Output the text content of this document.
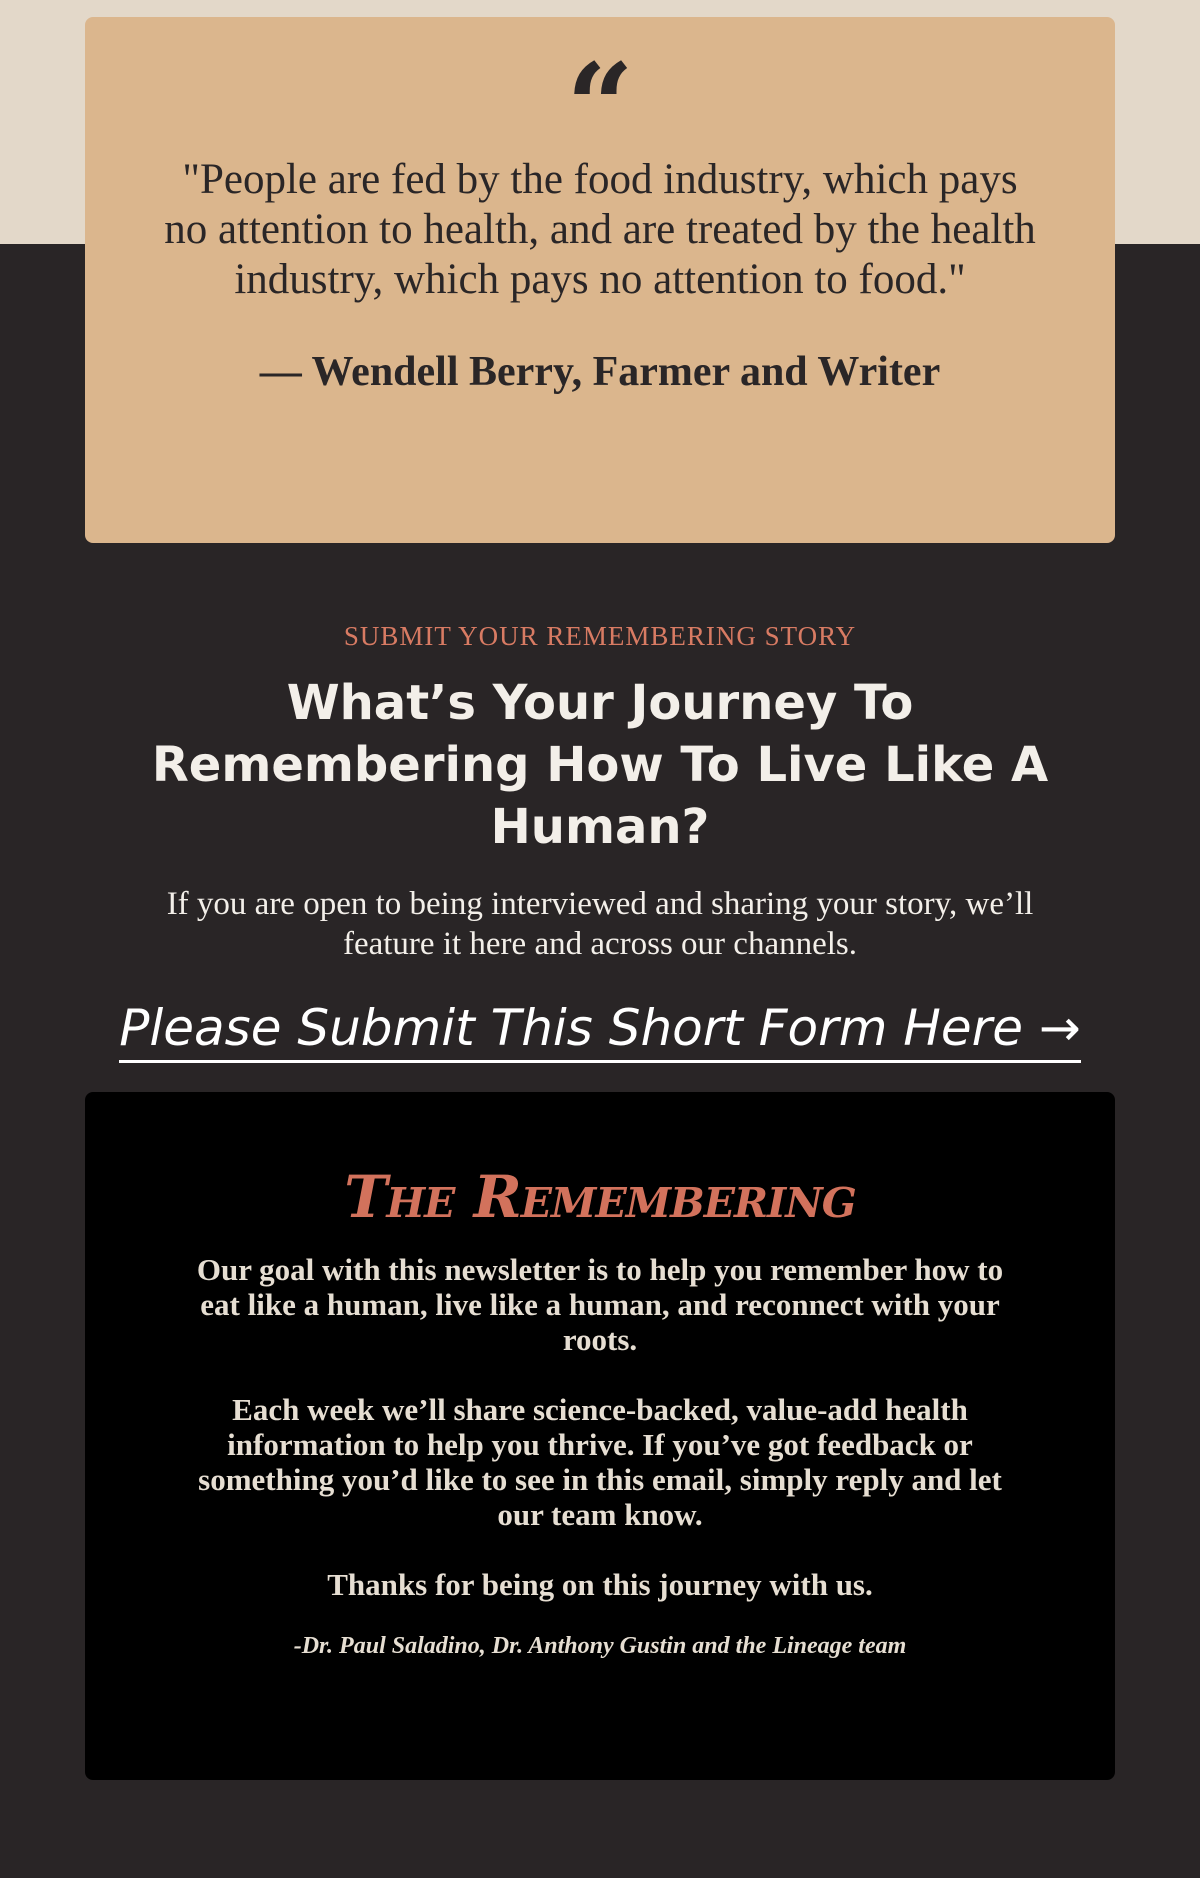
“

"People are fed by the food industry, which pays no attention to health, and are treated by the health industry, which pays no attention to food."

— Wendell Berry, Farmer and Writer

SUBMIT YOUR REMEMBERING STORY
What’s Your Journey To Remembering How To Live Like A Human?

If you are open to being interviewed and sharing your story, we’ll feature it here and across our channels.

Please Submit This Short Form Here →
The Remembering

Our goal with this newsletter is to help you remember how to eat like a human, live like a human, and reconnect with your roots.

Each week we’ll share science-backed, value-add health information to help you thrive. If you’ve got feedback or something you’d like to see in this email, simply reply and let our team know.

Thanks for being on this journey with us.

-Dr. Paul Saladino, Dr. Anthony Gustin and the Lineage team
